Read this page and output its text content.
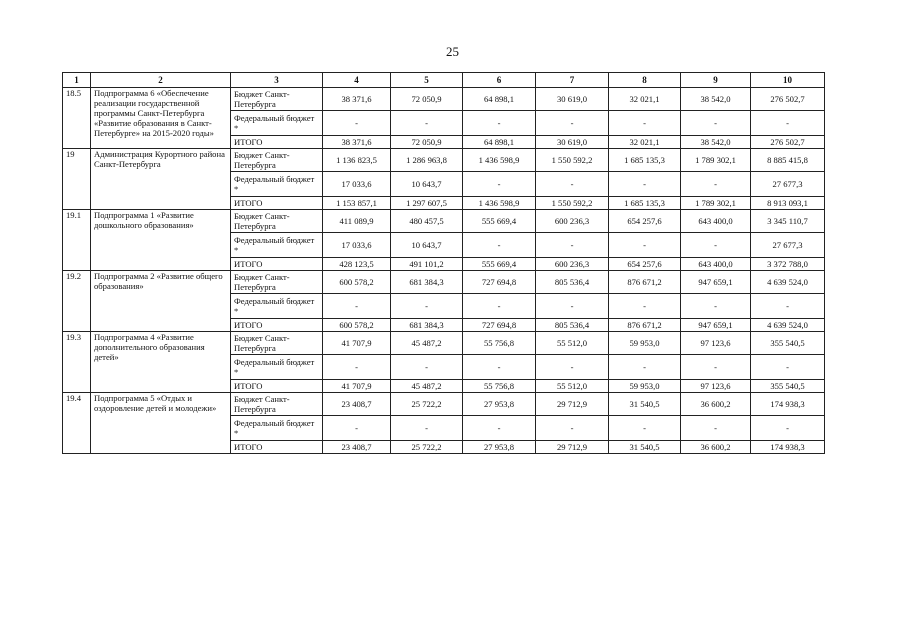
25
1	2	3	4	5	6	7	8	9	10
18.5	Подпрограмма 6 «Обеспечение реализации государственной программы Санкт-Петербурга «Развитие образования в Санкт-Петербурге» на 2015-2020 годы»	Бюджет Санкт-Петербурга	38 371,6	72 050,9	64 898,1	30 619,0	32 021,1	38 542,0	276 502,7
		Федеральный бюджет *	-	-	-	-	-	-	-
		ИТОГО	38 371,6	72 050,9	64 898,1	30 619,0	32 021,1	38 542,0	276 502,7
19	Администрация Курортного района Санкт-Петербурга	Бюджет Санкт-Петербурга	1 136 823,5	1 286 963,8	1 436 598,9	1 550 592,2	1 685 135,3	1 789 302,1	8 885 415,8
		Федеральный бюджет *	17 033,6	10 643,7	-	-	-	-	27 677,3
		ИТОГО	1 153 857,1	1 297 607,5	1 436 598,9	1 550 592,2	1 685 135,3	1 789 302,1	8 913 093,1
19.1	Подпрограмма 1 «Развитие дошкольного образования»	Бюджет Санкт-Петербурга	411 089,9	480 457,5	555 669,4	600 236,3	654 257,6	643 400,0	3 345 110,7
		Федеральный бюджет *	17 033,6	10 643,7	-	-	-	-	27 677,3
		ИТОГО	428 123,5	491 101,2	555 669,4	600 236,3	654 257,6	643 400,0	3 372 788,0
19.2	Подпрограмма 2 «Развитие общего образования»	Бюджет Санкт-Петербурга	600 578,2	681 384,3	727 694,8	805 536,4	876 671,2	947 659,1	4 639 524,0
		Федеральный бюджет *	-	-	-	-	-	-	-
		ИТОГО	600 578,2	681 384,3	727 694,8	805 536,4	876 671,2	947 659,1	4 639 524,0
19.3	Подпрограмма 4 «Развитие дополнительного образования детей»	Бюджет Санкт-Петербурга	41 707,9	45 487,2	55 756,8	55 512,0	59 953,0	97 123,6	355 540,5
		Федеральный бюджет *	-	-	-	-	-	-	-
		ИТОГО	41 707,9	45 487,2	55 756,8	55 512,0	59 953,0	97 123,6	355 540,5
19.4	Подпрограмма 5 «Отдых и оздоровление детей и молодежи»	Бюджет Санкт-Петербурга	23 408,7	25 722,2	27 953,8	29 712,9	31 540,5	36 600,2	174 938,3
		Федеральный бюджет *	-	-	-	-	-	-	-
		ИТОГО	23 408,7	25 722,2	27 953,8	29 712,9	31 540,5	36 600,2	174 938,3
